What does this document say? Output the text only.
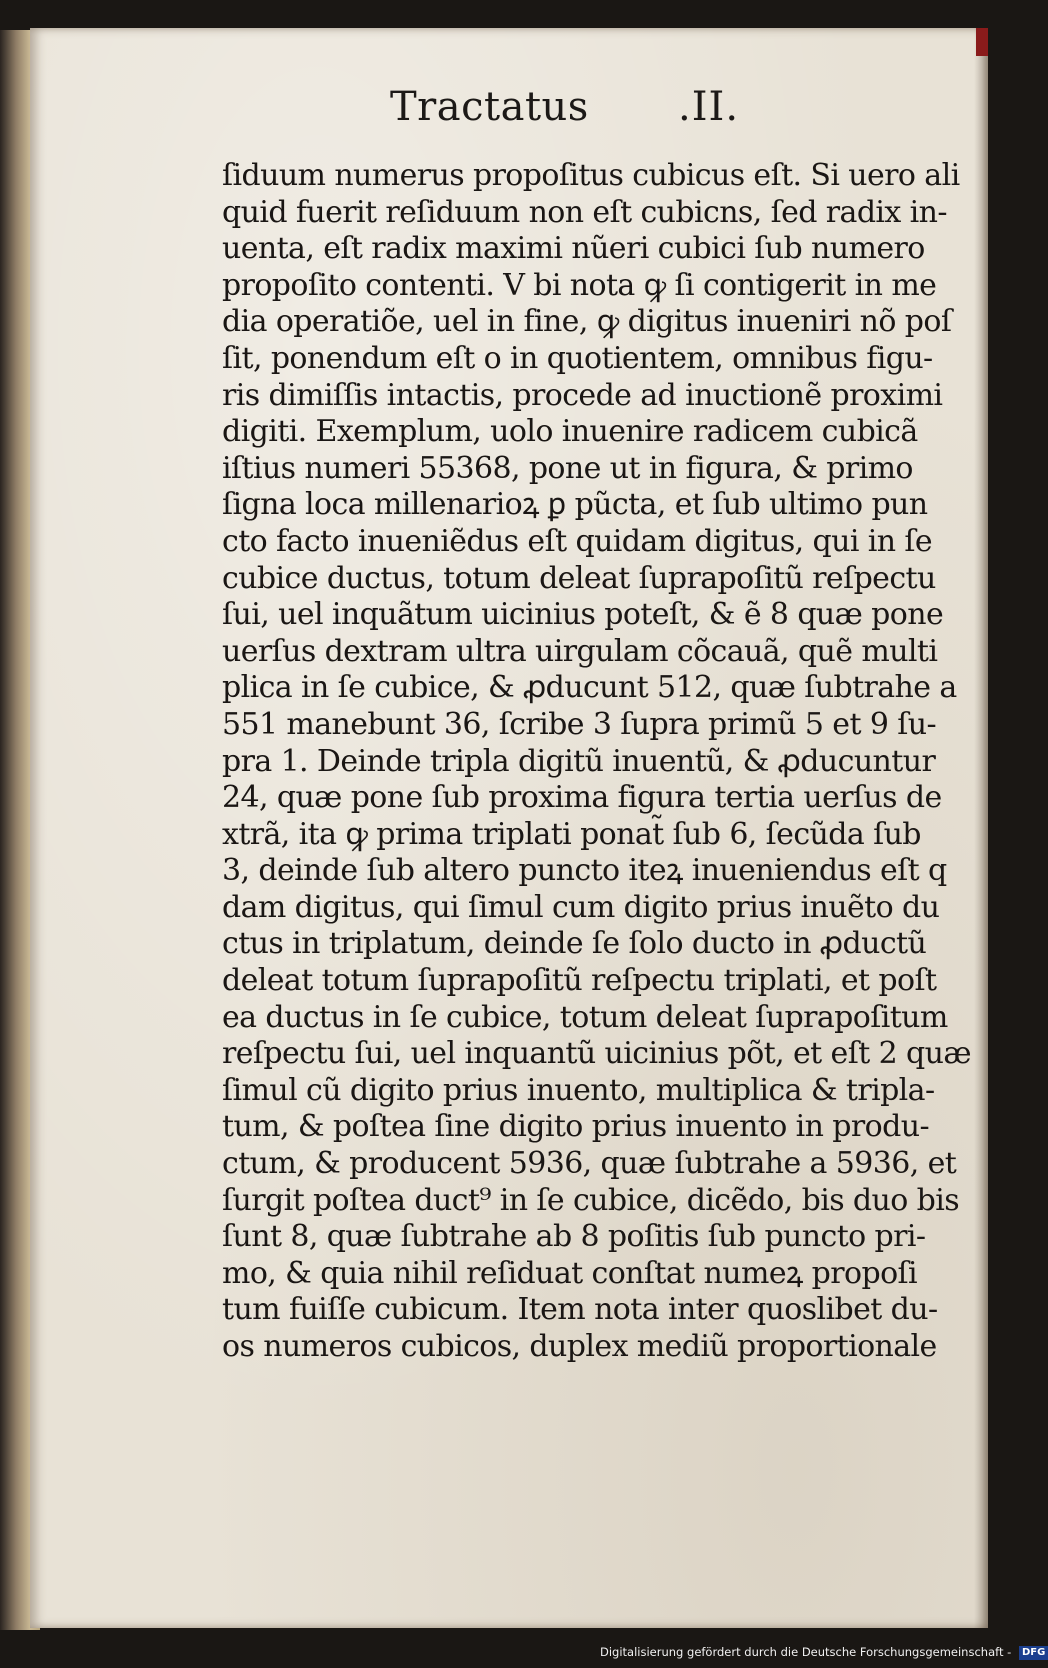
Tractatus .II.
ſiduum numerus propoſitus cubicus eſt. Si uero ali
quid fuerit reſiduum non eſt cubicns, ſed radix in-
uenta, eſt radix maximi nũeri cubici ſub numero
propoſito contenti. V bi nota ꝙ ſi contigerit in me
dia operatiõe, uel in fine, ꝙ digitus inueniri nõ poſ
ſit, ponendum eſt o in quotientem, omnibus figu-
ris dimiſſis intactis, procede ad inuctionẽ proximi
digiti. Exemplum, uolo inuenire radicem cubicã
iſtius numeri 55368, pone ut in figura, & primo
ſigna loca millenarioꝝ ꝑ pũcta, et ſub ultimo pun
cto facto inueniẽdus eſt quidam digitus, qui in ſe
cubice ductus, totum deleat ſuprapoſitũ reſpectu
ſui, uel inquãtum uicinius poteſt, & ẽ 8 quæ pone
uerſus dextram ultra uirgulam cõcauã, quẽ multi
plica in ſe cubice, & ꝓducunt 512, quæ ſubtrahe a
551 manebunt 36, ſcribe 3 ſupra primũ 5 et 9 ſu-
pra 1. Deinde tripla digitũ inuentũ, & ꝓducuntur
24, quæ pone ſub proxima figura tertia uerſus de
xtrã, ita ꝙ prima triplati ponat̃ ſub 6, ſecũda ſub
3, deinde ſub altero puncto iteꝝ inueniendus eſt q
dam digitus, qui ſimul cum digito prius inuẽto du
ctus in triplatum, deinde ſe ſolo ducto in ꝓductũ
deleat totum ſuprapoſitũ reſpectu triplati, et poſt
ea ductus in ſe cubice, totum deleat ſuprapoſitum
reſpectu ſui, uel inquantũ uicinius põt, et eſt 2 quæ
ſimul cũ digito prius inuento, multiplica & tripla-
tum, & poſtea ſine digito prius inuento in produ-
ctum, & producent 5936, quæ ſubtrahe a 5936, et
ſurgit poſtea duct⁹ in ſe cubice, dicẽdo, bis duo bis
ſunt 8, quæ ſubtrahe ab 8 poſitis ſub puncto pri-
mo, & quia nihil reſiduat conſtat numeꝝ propoſi
tum fuiſſe cubicum. Item nota inter quoslibet du-
os numeros cubicos, duplex mediũ proportionale
Digitalisierung gefördert durch die Deutsche Forschungsgemeinschaft - DFG
